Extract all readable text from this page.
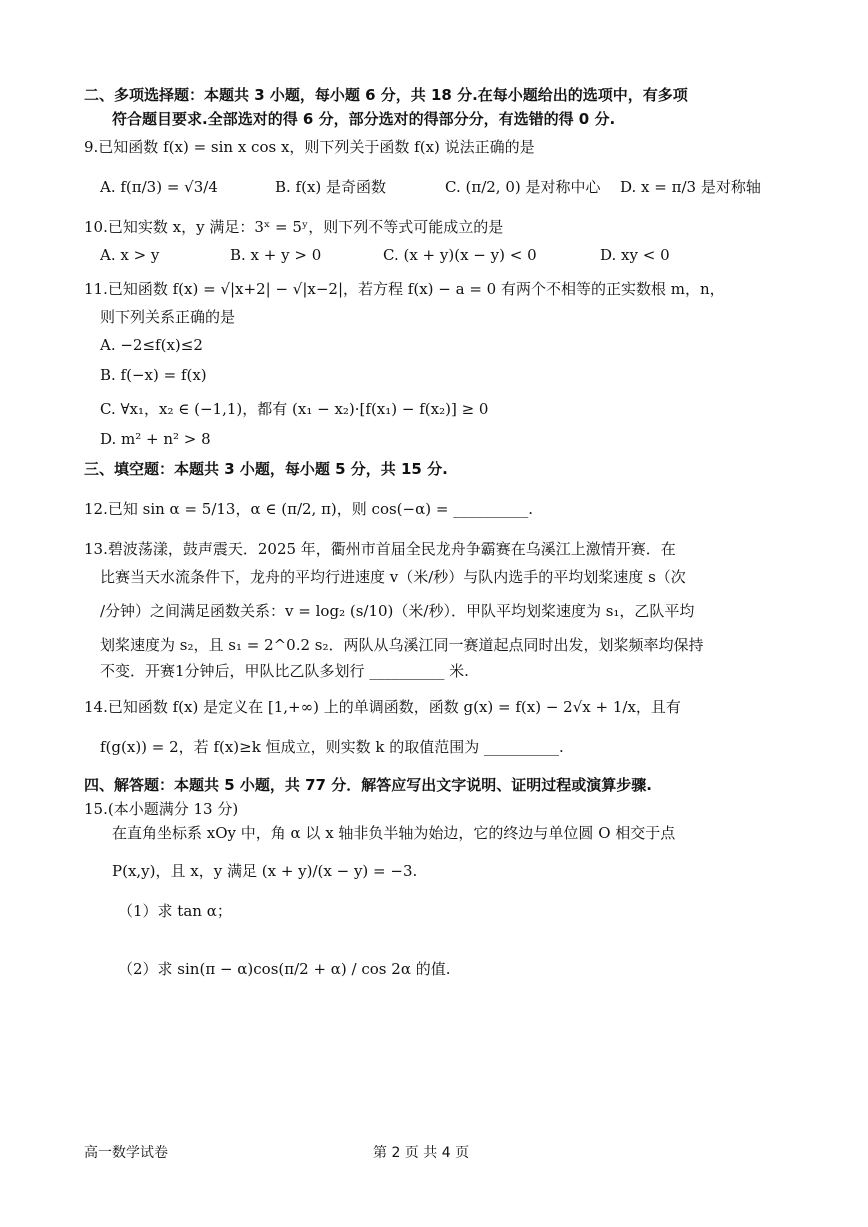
二、多项选择题：本题共 3 小题，每小题 6 分，共 18 分.在每小题给出的选项中，有多项
符合题目要求.全部选对的得 6 分，部分选对的得部分分，有选错的得 0 分.
9.已知函数 f(x) = sin x cos x，则下列关于函数 f(x) 说法正确的是
A. f(π/3) = √3/4	B. f(x) 是奇函数	C. (π/2, 0) 是对称中心 D. x = π/3 是对称轴
10.已知实数 x，y 满足：3ˣ = 5ʸ，则下列不等式可能成立的是
A. x > y	B. x + y > 0	C. (x + y)(x − y) < 0	D. xy < 0
11.已知函数 f(x) = √|x+2| − √|x−2|，若方程 f(x) − a = 0 有两个不相等的正实数根 m，n，
则下列关系正确的是
A. −2≤f(x)≤2
B. f(−x) = f(x)
C. ∀x₁，x₂ ∈ (−1,1)，都有 (x₁ − x₂)·[f(x₁) − f(x₂)] ≥ 0
D. m² + n² > 8
三、填空题：本题共 3 小题，每小题 5 分，共 15 分.
12.已知 sin α = 5/13，α ∈ (π/2, π)，则 cos(−α) = __________.
13.碧波荡漾，鼓声震天．2025 年，衢州市首届全民龙舟争霸赛在乌溪江上激情开赛．在
比赛当天水流条件下，龙舟的平均行进速度 v（米/秒）与队内选手的平均划桨速度 s（次
/分钟）之间满足函数关系：v = log₂ (s/10)（米/秒）．甲队平均划桨速度为 s₁，乙队平均
划桨速度为 s₂，且 s₁ = 2^0.2 s₂．两队从乌溪江同一赛道起点同时出发，划桨频率均保持
不变．开赛1分钟后，甲队比乙队多划行 __________ 米.
14.已知函数 f(x) 是定义在 [1,+∞) 上的单调函数，函数 g(x) = f(x) − 2√x + 1/x，且有
f(g(x)) = 2，若 f(x)≥k 恒成立，则实数 k 的取值范围为 __________.
四、解答题：本题共 5 小题，共 77 分．解答应写出文字说明、证明过程或演算步骤.
15.(本小题满分 13 分)
在直角坐标系 xOy 中，角 α 以 x 轴非负半轴为始边，它的终边与单位圆 O 相交于点
P(x,y)，且 x，y 满足 (x + y)/(x − y) = −3.
（1）求 tan α；
（2）求 sin(π − α)cos(π/2 + α) / cos 2α 的值.
高一数学试卷	第 2 页 共 4 页
